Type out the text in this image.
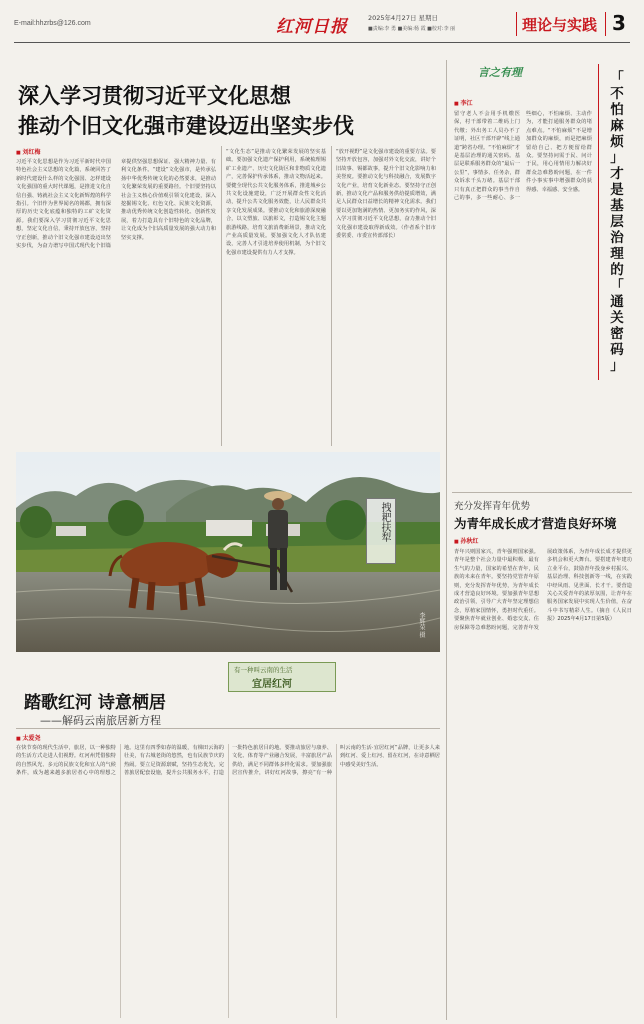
E-mail:hhzrbs@126.com	红河日报	2025年4月27日 星期日
■责编:李 勇 ■美编:杨 霞 ■校对:李 丽	理论与实践 3
深入学习贯彻习近平文化思想
推动个旧文化强市建设迈出坚实步伐
■ 刘红梅
习近平文化思想是作为习近平新时代中国特色社会主义思想的文化篇，系统回答了新时代建设什么样的文化强国、怎样建设文化强国的重大时代课题，是推进文化自信自强、铸就社会主义文化新辉煌的科学指引。个旧作为世界闻名的锡都，拥有深厚的历史文化底蕴和独特的工矿文化资源。我们要深入学习贯彻习近平文化思想，坚定文化自信，秉持开放包容，坚持守正创新，推动个旧文化强市建设迈出坚实步伐，为奋力谱写中国式现代化个旧篇章提供坚强思想保证、强大精神力量、有利文化条件。“建设”文化强市，是传承弘扬中华优秀传统文化的必然要求，是推动文化繁荣发展的重要路径。个旧要坚持以社会主义核心价值观引领文化建设，深入挖掘锡文化、红色文化、民族文化资源，推动优秀传统文化创造性转化、创新性发展，着力打造具有个旧特色的文化品牌，让文化成为个旧高质量发展的强大动力和坚实支撑。
“文化生态”是推动文化繁荣发展的坚实基础。要加强文化遗产保护利用，系统梳理锡矿工业遗产、历史文化街区和非物质文化遗产，完善保护传承体系，推动文物活起来。要健全现代公共文化服务体系，推进城乡公共文化设施建设，广泛开展群众性文化活动，提升公共文化服务效能，让人民群众共享文化发展成果。要推动文化和旅游深度融合，以文塑旅、以旅彰文，打造锡文化主题旅游线路，培育文旅消费新场景，推动文化产业高质量发展。要加强文化人才队伍建设，完善人才引进培养使用机制，为个旧文化强市建设提供有力人才支撑。
“放开视野”是文化强市建设的重要方法。要坚持开放包容，加强对外文化交流，讲好个旧故事、锡都故事，提升个旧文化影响力和美誉度。要推动文化与科技融合，发展数字文化产业，培育文化新业态。要坚持守正创新，推动文化产品和服务供给提质增效，满足人民群众日益增长的精神文化需求。我们要以更加饱满的热情、更加务实的作风，深入学习贯彻习近平文化思想，奋力推动个旧文化强市建设取得新成效。（作者系个旧市委常委、市委宣传部部长）
拽耙扶犁
李辉荣 摄
踏歌红河 诗意栖居
——解码云南旅居新方程
有一种叫云南的生活
宜居红河
■ 太爱尧
在快节奏的现代生活中，旅居，以一种独特的生活方式走进人们视野。红河州凭借独特的自然风光、多元的民族文化和宜人的气候条件，成为越来越多旅居者心中的理想之地。这里有四季如春的温暖，有梯田云海的壮美，有古城老街的悠然，也有民族节庆的热闹。要立足资源禀赋，坚持生态优先，完善旅居配套设施，提升公共服务水平，打造一批特色旅居目的地。要推动旅居与康养、文化、体育等产业融合发展，丰富旅居产品供给，满足不同群体多样化需求。要加强旅居宣传推介，讲好红河故事，擦亮“有一种叫云南的生活·宜居红河”品牌，让更多人来到红河、爱上红河、留在红河，在诗意栖居中感受美好生活。
言之有理
■ 李江
留守老人不会用手机缴医保，村干部带着二维码上门代缴；外出务工人员办不了证明，社区干部开辟“线上通道”跨省办理。“不怕麻烦”才是基层治理的通关密码。基层是联系服务群众的“最后一公里”，事情多、任务杂，群众诉求千头万绪。基层干部只有真正把群众的事当作自己的事，多一些耐心、多一些细心，不怕麻烦、主动作为，才能打通服务群众的堵点难点。“不怕麻烦”不是增加群众的麻烦，而是把麻烦留给自己、把方便留给群众。要坚持问需于民、问计于民，用心用情用力解决好群众急难愁盼问题，在一件件小事实事中增强群众的获得感、幸福感、安全感。
「
不
怕
麻
烦
」
才
是
基
层
治
理
的
「
通
关
密
码
」
充分发挥青年优势
为青年成长成才营造良好环境
■ 孙秋红
青年兴则国家兴，青年强则国家强。青年是整个社会力量中最积极、最有生气的力量，国家的希望在青年，民族的未来在青年。要坚持党管青年原则，充分发挥青年优势，为青年成长成才营造良好环境。要加强青年思想政治引领，引导广大青年坚定理想信念，厚植家国情怀，勇担时代重任。要聚焦青年就业创业、婚恋交友、住房保障等急难愁盼问题，完善青年发展政策体系，为青年成长成才提供更多机会和更大舞台。要搭建青年建功立业平台，鼓励青年投身乡村振兴、基层治理、科技创新等一线，在实践中经风雨、见世面、长才干。要营造关心关爱青年的浓厚氛围，让青年在服务国家发展中实现人生价值，在奋斗中书写精彩人生。（摘自《人民日报》2025年4月17日第5版）
